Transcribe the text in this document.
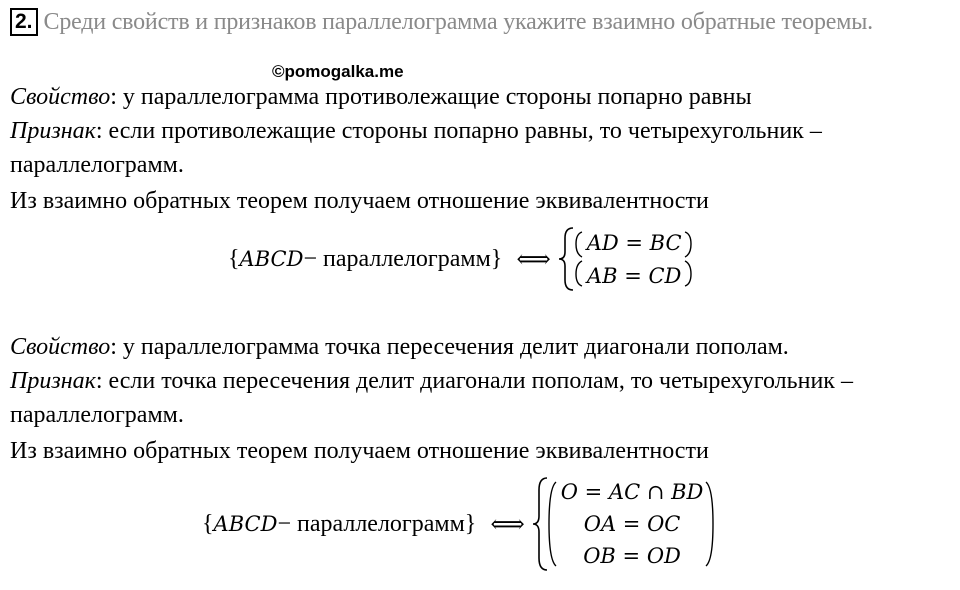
2. Среди свойств и признаков параллелограмма укажите взаимно обратные теоремы.
©pomogalka.me
Свойство: у параллелограмма противолежащие стороны попарно равны
Признак: если противолежащие стороны попарно равны, то четырехугольник –
параллелограмм.
Из взаимно обратных теорем получаем отношение эквивалентности
{ ABCD − параллелограмм } ⟺
AD = BC
AB = CD
Свойство: у параллелограмма точка пересечения делит диагонали пополам.
Признак: если точка пересечения делит диагонали пополам, то четырехугольник –
параллелограмм.
Из взаимно обратных теорем получаем отношение эквивалентности
{ ABCD − параллелограмм } ⟺
O = AC ∩ BD
OA = OC
OB = OD
